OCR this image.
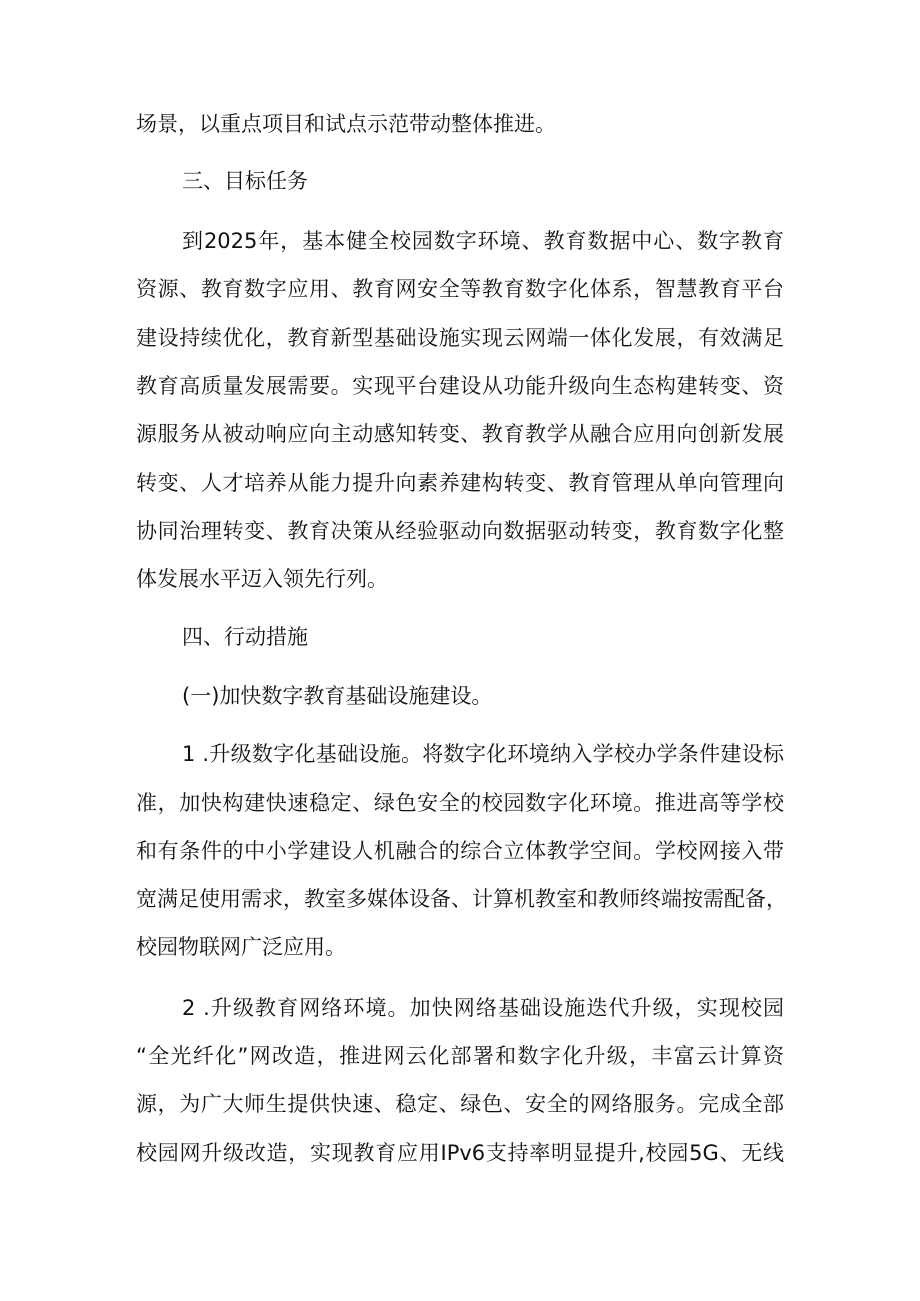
场景，以重点项目和试点示范带动整体推进。
三、目标任务
到2025年，基本健全校园数字环境、教育数据中心、数字教育
资源、教育数字应用、教育网安全等教育数字化体系，智慧教育平台
建设持续优化，教育新型基础设施实现云网端一体化发展，有效满足
教育高质量发展需要。实现平台建设从功能升级向生态构建转变、资
源服务从被动响应向主动感知转变、教育教学从融合应用向创新发展
转变、人才培养从能力提升向素养建构转变、教育管理从单向管理向
协同治理转变、教育决策从经验驱动向数据驱动转变，教育数字化整
体发展水平迈入领先行列。
四、行动措施
(一)加快数字教育基础设施建设。
1 .升级数字化基础设施。将数字化环境纳入学校办学条件建设标
准，加快构建快速稳定、绿色安全的校园数字化环境。推进高等学校
和有条件的中小学建设人机融合的综合立体教学空间。学校网接入带
宽满足使用需求，教室多媒体设备、计算机教室和教师终端按需配备，
校园物联网广泛应用。
2 .升级教育网络环境。加快网络基础设施迭代升级，实现校园
“全光纤化”网改造，推进网云化部署和数字化升级，丰富云计算资
源，为广大师生提供快速、稳定、绿色、安全的网络服务。完成全部
校园网升级改造，实现教育应用IPv6支持率明显提升,校园5G、无线
